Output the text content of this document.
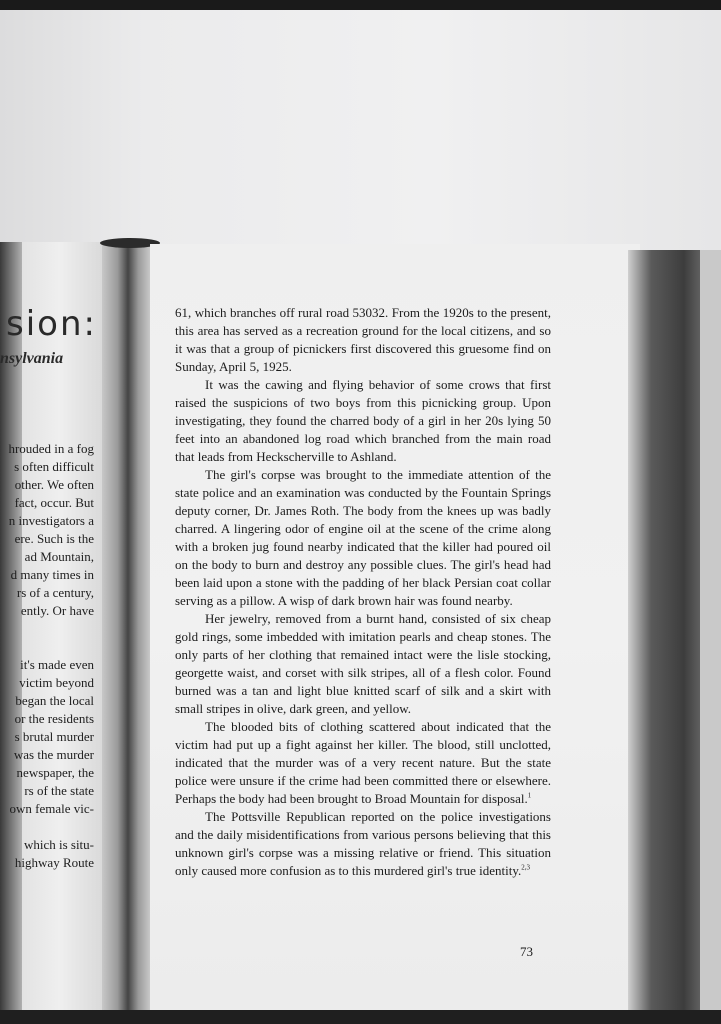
sion:
nsylvania
hrouded in a fog
s often difficult
other. We often
fact, occur. But
n investigators a
ere. Such is the
ad Mountain,
d many times in
rs of a century,
ently. Or have
it's made even
victim beyond
began the local
or the residents
s brutal murder
was the murder
newspaper, the
rs of the state
own female vic-
which is situ-
highway Route

61, which branches off rural road 53032. From the 1920s to the present, this area has served as a recreation ground for the local citizens, and so it was that a group of picnickers first discovered this gruesome find on Sunday, April 5, 1925.

It was the cawing and flying behavior of some crows that first raised the suspicions of two boys from this picnicking group. Upon investigating, they found the charred body of a girl in her 20s lying 50 feet into an abandoned log road which branched from the main road that leads from Heckscherville to Ashland.

The girl's corpse was brought to the immediate attention of the state police and an examination was conducted by the Fountain Springs deputy corner, Dr. James Roth. The body from the knees up was badly charred. A lingering odor of engine oil at the scene of the crime along with a broken jug found nearby indicated that the killer had poured oil on the body to burn and destroy any possible clues. The girl's head had been laid upon a stone with the padding of her black Persian coat collar serving as a pillow. A wisp of dark brown hair was found nearby.

Her jewelry, removed from a burnt hand, consisted of six cheap gold rings, some imbedded with imitation pearls and cheap stones. The only parts of her clothing that remained intact were the lisle stocking, georgette waist, and corset with silk stripes, all of a flesh color. Found burned was a tan and light blue knitted scarf of silk and a skirt with small stripes in olive, dark green, and yellow.

The blooded bits of clothing scattered about indicated that the victim had put up a fight against her killer. The blood, still unclotted, indicated that the murder was of a very recent nature. But the state police were unsure if the crime had been committed there or elsewhere. Perhaps the body had been brought to Broad Mountain for disposal.$^1$

The Pottsville Republican reported on the police investigations and the daily misidentifications from various persons believing that this unknown girl's corpse was a missing relative or friend. This situation only caused more confusion as to this murdered girl's true identity.$^{2,3}$

73
